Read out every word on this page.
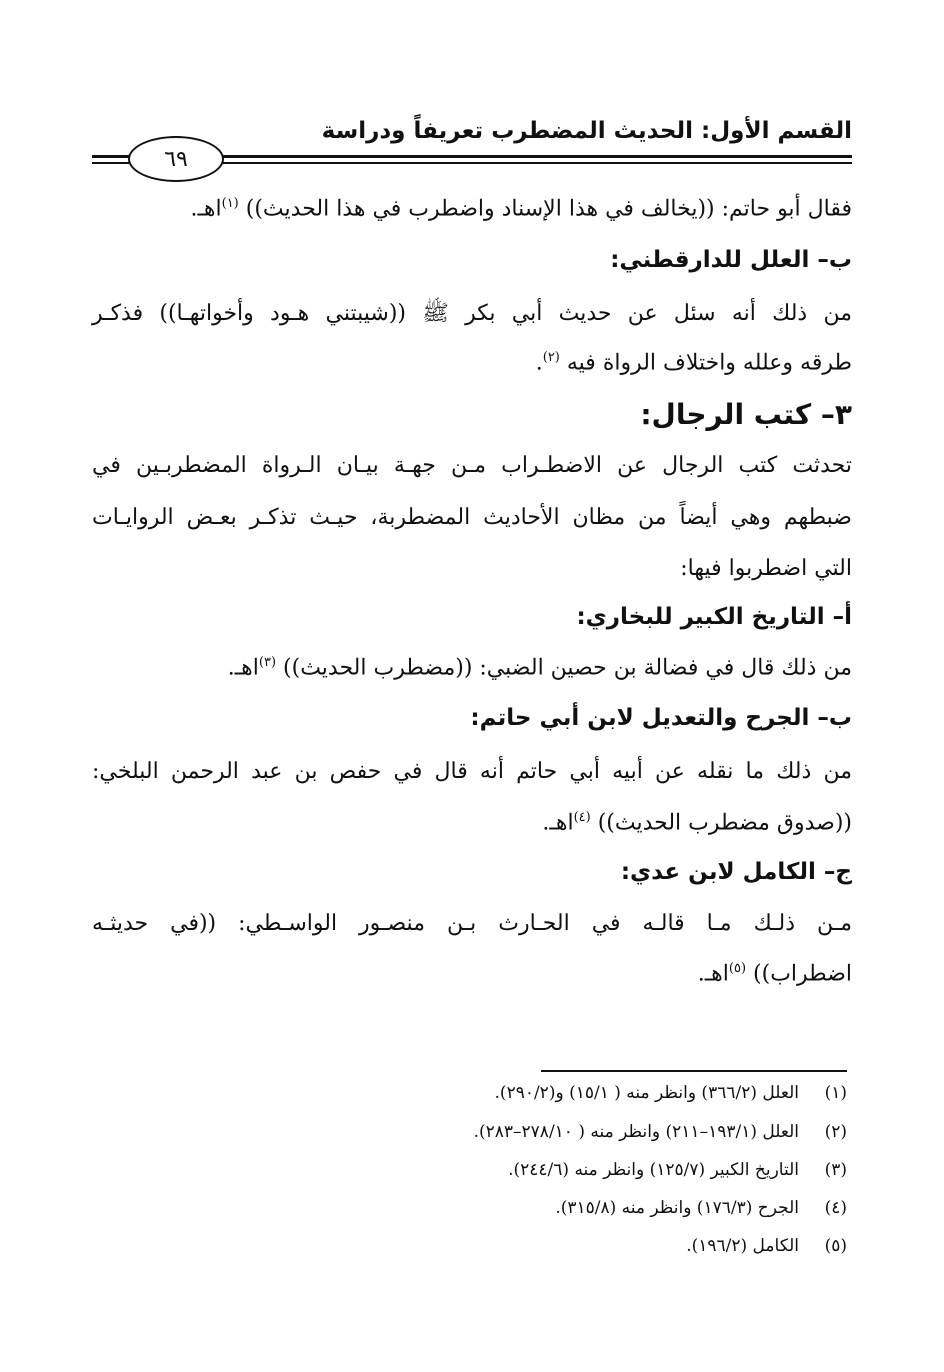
القسم الأول: الحديث المضطرب تعريفاً ودراسة
٦٩
فقال أبو حاتم: ((يخالف في هذا الإسناد واضطرب في هذا الحديث)) $^{(١)}$اهـ.
ب– العلل للدارقطني:
من ذلك أنه سئل عن حديث أبي بكر ﷺ ((شيبتني هـود وأخواتهـا)) فذكـر
طرقه وعلله واختلاف الرواة فيه $^{(٢)}$.
٣– كتب الرجال:
تحدثت كتب الرجال عن الاضطـراب مـن جهـة بيـان الـرواة المضطربـين في
ضبطهم وهي أيضاً من مظان الأحاديث المضطربة، حيـث تذكـر بعـض الروايـات
التي اضطربوا فيها:
أ– التاريخ الكبير للبخاري:
من ذلك قال في فضالة بن حصين الضبي: ((مضطرب الحديث)) $^{(٣)}$اهـ.
ب– الجرح والتعديل لابن أبي حاتم:
من ذلك ما نقله عن أبيه أبي حاتم أنه قال في حفص بن عبد الرحمن البلخي:
((صدوق مضطرب الحديث)) $^{(٤)}$اهـ.
ج– الكامل لابن عدي:
مـن ذلـك مـا قالـه في الحـارث بـن منصـور الواسـطي: ((في حديثـه
اضطراب)) $^{(٥)}$اهـ.
(١)
العلل (٣٦٦/٢) وانظر منه ( ١٥/١) و(٢٩٠/٢).
(٢)
العلل (١٩٣/١–٢١١) وانظر منه ( ٢٧٨/١٠–٢٨٣).
(٣)
التاريخ الكبير (١٢٥/٧) وانظر منه (٢٤٤/٦).
(٤)
الجرح (١٧٦/٣) وانظر منه (٣١٥/٨).
(٥)
الكامل (١٩٦/٢).
